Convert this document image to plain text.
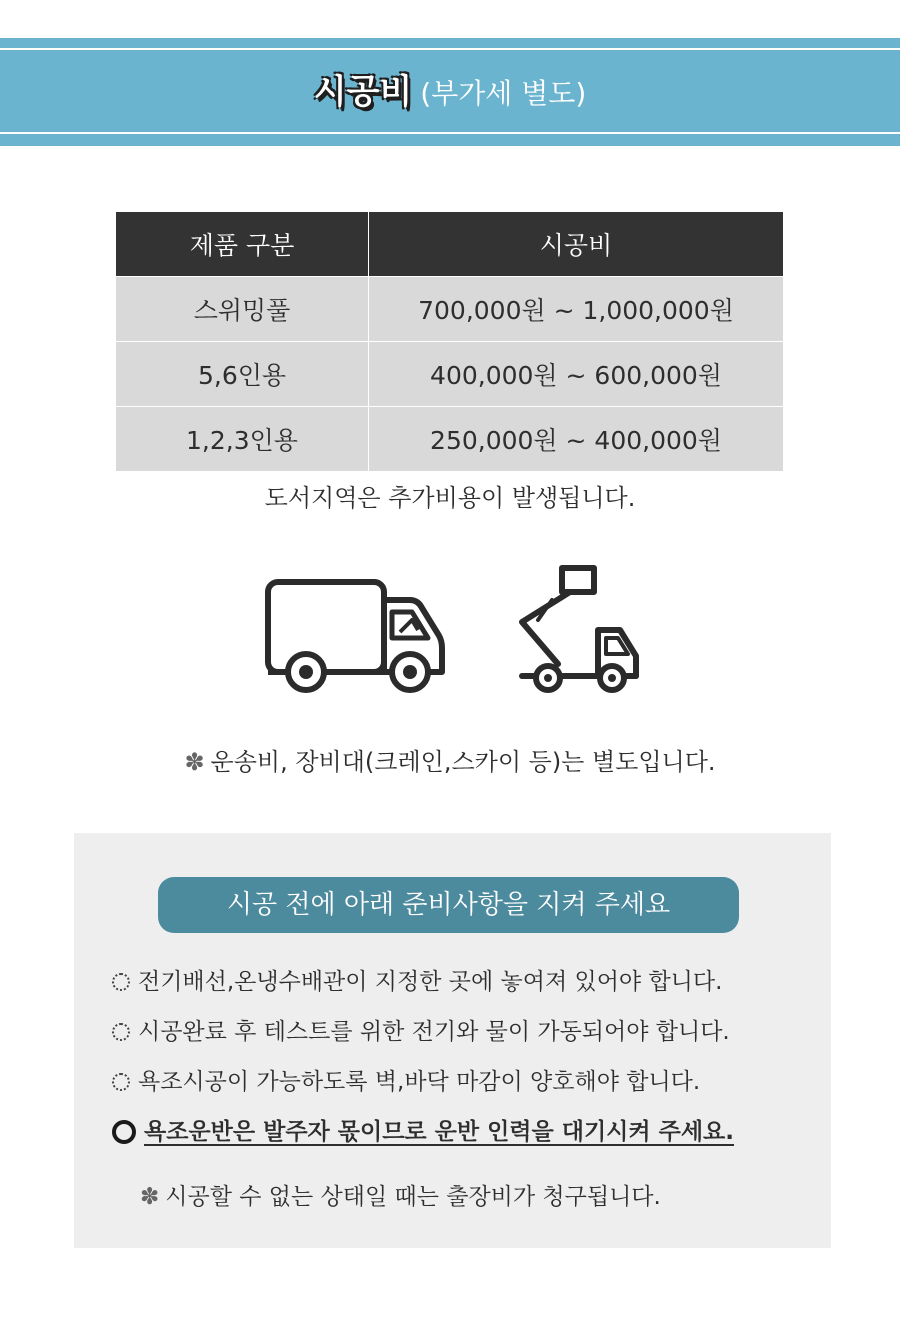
시공비 (부가세 별도)
제품 구분	시공비
스위밍풀	700,000원 ~ 1,000,000원
5,6인용	400,000원 ~ 600,000원
1,2,3인용	250,000원 ~ 400,000원
도서지역은 추가비용이 발생됩니다.
✽ 운송비, 장비대(크레인,스카이 등)는 별도입니다.
시공 전에 아래 준비사항을 지켜 주세요
전기배선,온냉수배관이 지정한 곳에 놓여져 있어야 합니다.
시공완료 후 테스트를 위한 전기와 물이 가동되어야 합니다.
욕조시공이 가능하도록 벽,바닥 마감이 양호해야 합니다.
욕조운반은 발주자 몫이므로 운반 인력을 대기시켜 주세요.
✽ 시공할 수 없는 상태일 때는 출장비가 청구됩니다.
